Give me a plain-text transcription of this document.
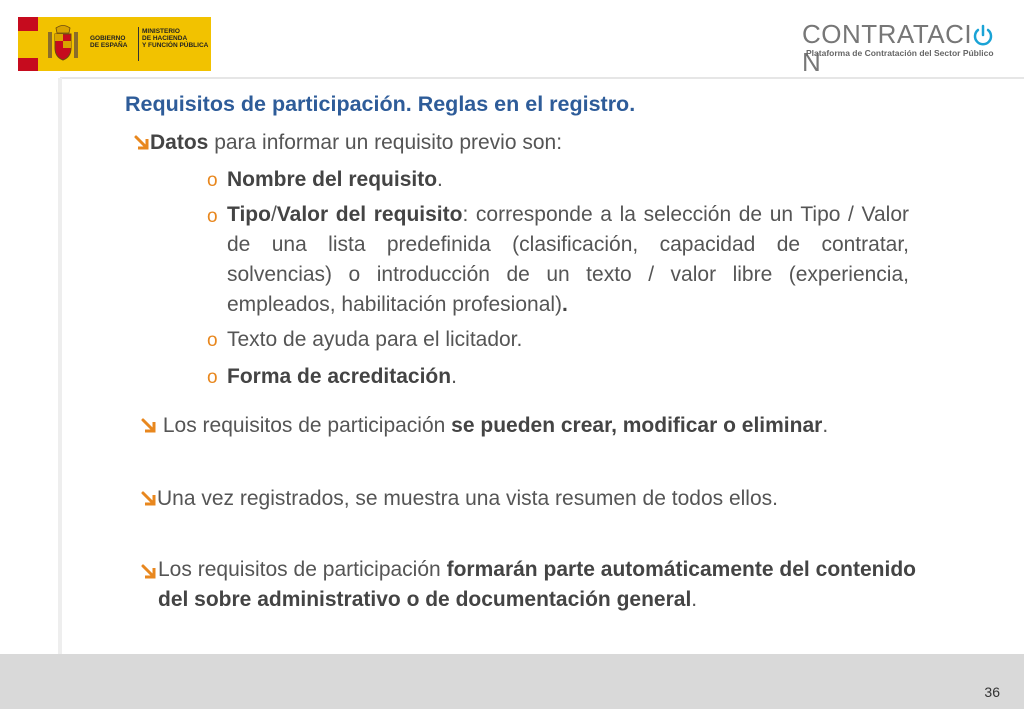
GOBIERNO
DE ESPAÑA
MINISTERIO
DE HACIENDA
Y FUNCIÓN PÚBLICA	CONTRATACIN
Plataforma de Contratación del Sector Público
Requisitos de participación. Reglas en el registro.
Datos para informar un requisito previo son:
o Nombre del requisito.
o Tipo/Valor del requisito: corresponde a la selección de un Tipo / Valor de una lista predefinida (clasificación, capacidad de contratar, solvencias) o introducción de un texto / valor libre (experiencia, empleados, habilitación profesional).
o Texto de ayuda para el licitador.
o Forma de acreditación.
Los requisitos de participación se pueden crear, modificar o eliminar.
Una vez registrados, se muestra una vista resumen de todos ellos.
Los requisitos de participación formarán parte automáticamente del contenido del sobre administrativo o de documentación general.
36
